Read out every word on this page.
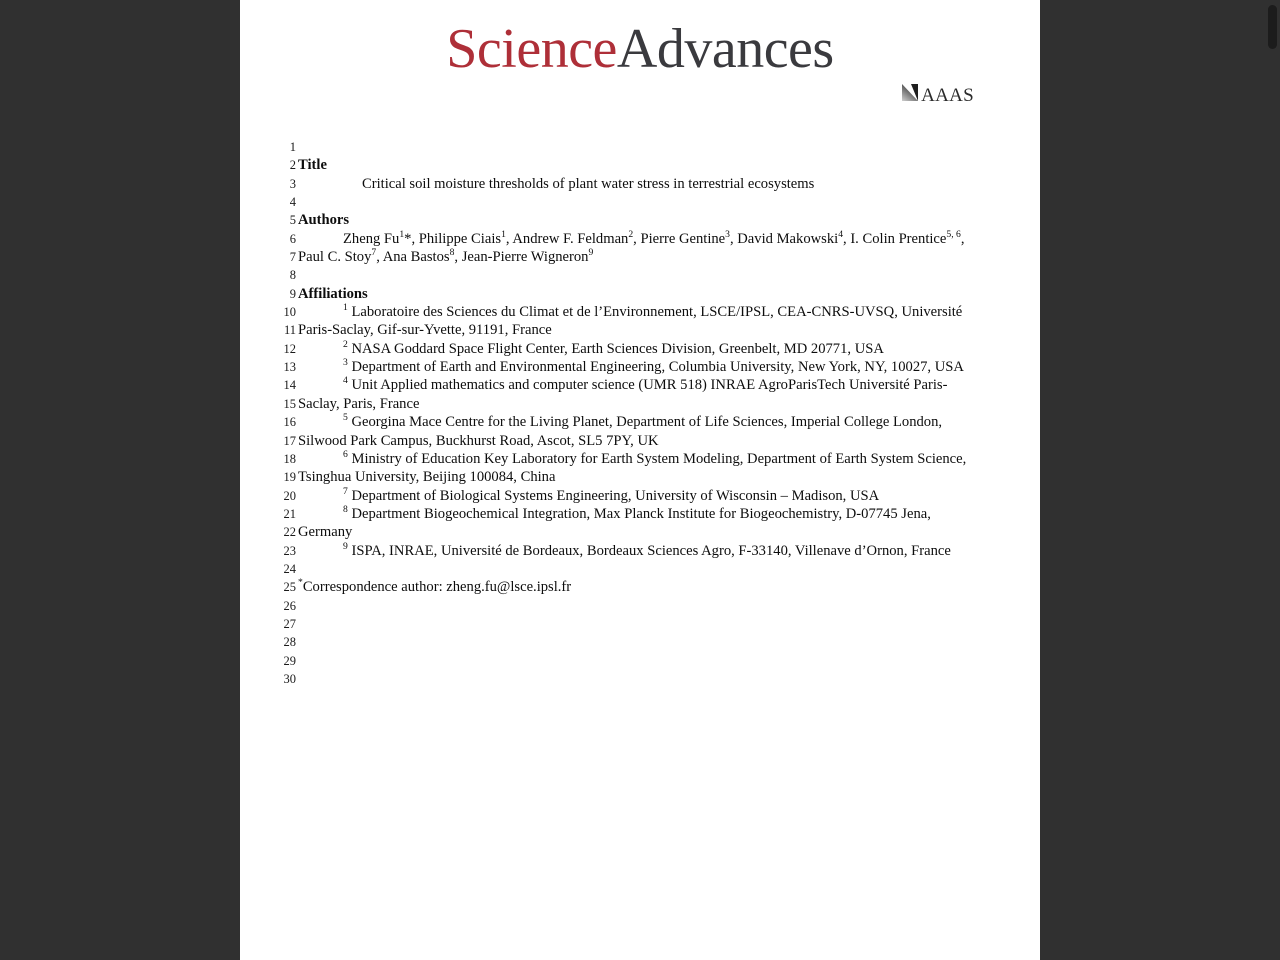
ScienceAdvances
AAAS
1
2
3
4
5
6
7
8
9
10
11
12
13
14
15
16
17
18
19
20
21
22
23
24
25
26
27
28
29
30
Title
Critical soil moisture thresholds of plant water stress in terrestrial ecosystems
Authors
Zheng Fu$^1$*, Philippe Ciais$^1$, Andrew F. Feldman$^2$, Pierre Gentine$^3$, David Makowski$^4$, I. Colin Prentice$^{5, 6}$, Paul C. Stoy$^7$, Ana Bastos$^8$, Jean-Pierre Wigneron$^9$
Affiliations
$^1$ Laboratoire des Sciences du Climat et de l’Environnement, LSCE/IPSL, CEA-CNRS-UVSQ, Université Paris-Saclay, Gif-sur-Yvette, 91191, France
$^2$ NASA Goddard Space Flight Center, Earth Sciences Division, Greenbelt, MD 20771, USA
$^3$ Department of Earth and Environmental Engineering, Columbia University, New York, NY, 10027, USA
$^4$ Unit Applied mathematics and computer science (UMR 518) INRAE AgroParisTech Université Paris-Saclay, Paris, France
$^5$ Georgina Mace Centre for the Living Planet, Department of Life Sciences, Imperial College London, Silwood Park Campus, Buckhurst Road, Ascot, SL5 7PY, UK
$^6$ Ministry of Education Key Laboratory for Earth System Modeling, Department of Earth System Science, Tsinghua University, Beijing 100084, China
$^7$ Department of Biological Systems Engineering, University of Wisconsin – Madison, USA
$^8$ Department Biogeochemical Integration, Max Planck Institute for Biogeochemistry, D-07745 Jena, Germany
$^9$ ISPA, INRAE, Université de Bordeaux, Bordeaux Sciences Agro, F-33140, Villenave d’Ornon, France
*Correspondence author: zheng.fu@lsce.ipsl.fr
